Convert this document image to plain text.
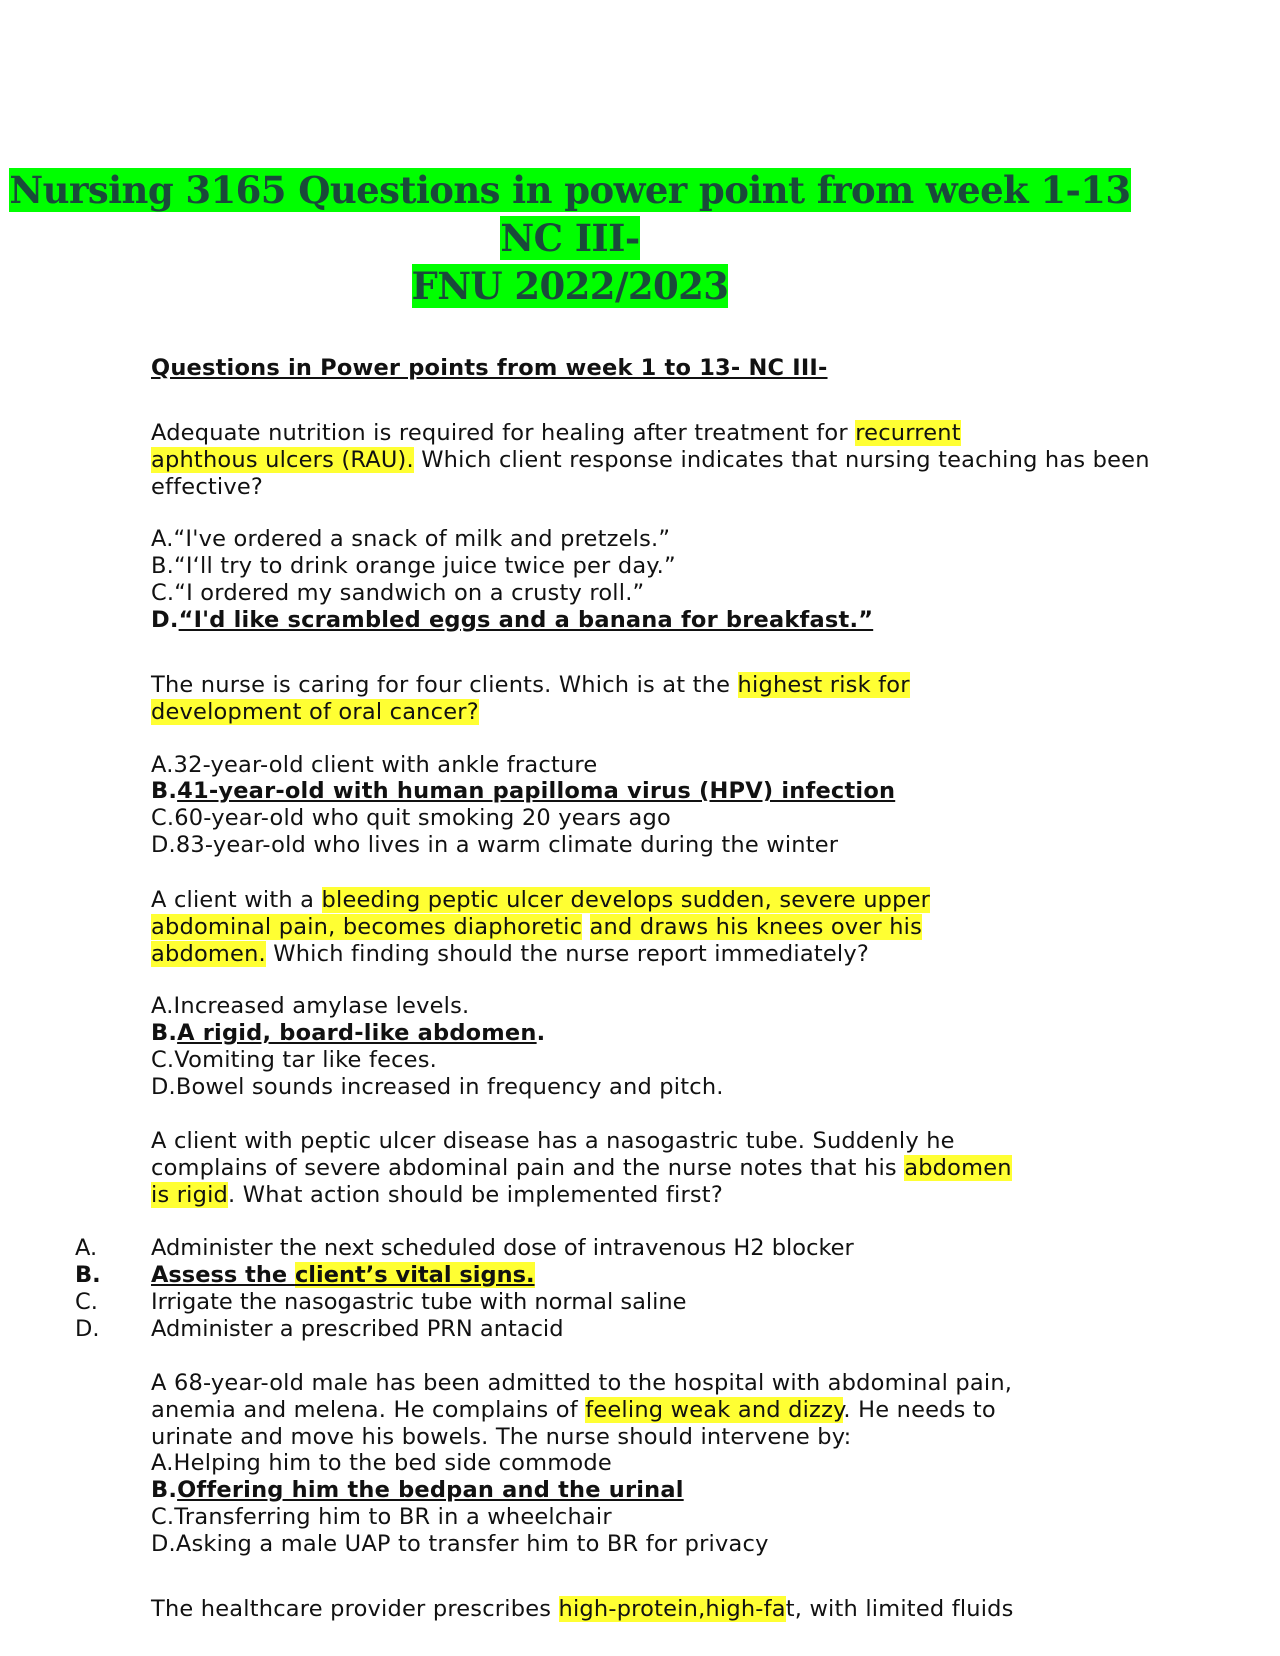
Nursing 3165 Questions in power point from week 1-13 NC III-
FNU 2022/2023
Questions in Power points from week 1 to 13- NC III-
Adequate nutrition is required for healing after treatment for recurrent
aphthous ulcers (RAU). Which client response indicates that nursing teaching has been effective?
A.“I've ordered a snack of milk and pretzels.”
B.“I‘ll try to drink orange juice twice per day.”
C.“I ordered my sandwich on a crusty roll.”
D.“I'd like scrambled eggs and a banana for breakfast.”
The nurse is caring for four clients. Which is at the highest risk for
development of oral cancer?
A.32-year-old client with ankle fracture
B.41-year-old with human papilloma virus (HPV) infection
C.60-year-old who quit smoking 20 years ago
D.83-year-old who lives in a warm climate during the winter
A client with a bleeding peptic ulcer develops sudden, severe upper
abdominal pain, becomes diaphoretic and draws his knees over his
abdomen. Which finding should the nurse report immediately?
A.Increased amylase levels.
B.A rigid, board-like abdomen.
C.Vomiting tar like feces.
D.Bowel sounds increased in frequency and pitch.
A client with peptic ulcer disease has a nasogastric tube. Suddenly he
complains of severe abdominal pain and the nurse notes that his abdomen
is rigid. What action should be implemented first?
A.	Administer the next scheduled dose of intravenous H2 blocker
B.	Assess the client’s vital signs.
C.	Irrigate the nasogastric tube with normal saline
D.	Administer a prescribed PRN antacid
A 68-year-old male has been admitted to the hospital with abdominal pain,
anemia and melena. He complains of feeling weak and dizzy. He needs to
urinate and move his bowels. The nurse should intervene by:
A.Helping him to the bed side commode
B.Offering him the bedpan and the urinal
C.Transferring him to BR in a wheelchair
D.Asking a male UAP to transfer him to BR for privacy
The healthcare provider prescribes high-protein,high-fat, with limited fluids
